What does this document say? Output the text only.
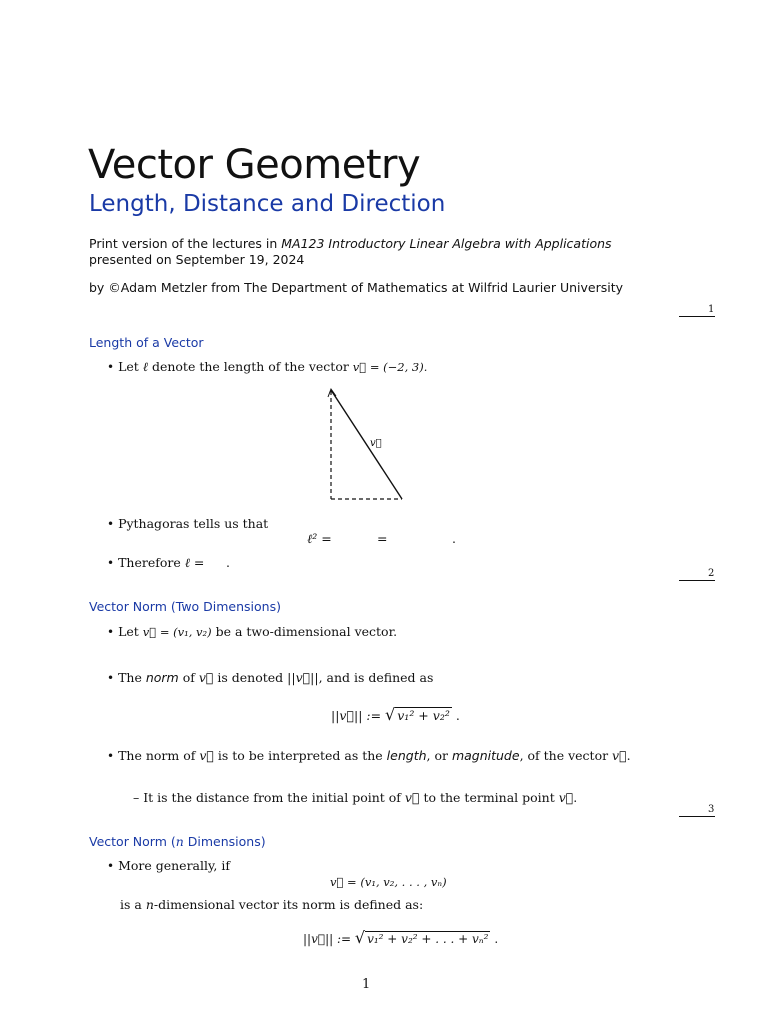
Vector Geometry
Length, Distance and Direction
Print version of the lectures in MA123 Introductory Linear Algebra with Applications
presented on September 19, 2024
by ©Adam Metzler from The Department of Mathematics at Wilfrid Laurier University
1
Length of a Vector
• Let ℓ denote the length of the vector v⃗ = (−2, 3).
v⃗
• Pythagoras tells us that
ℓ² =	=	.
• Therefore ℓ = .
2
Vector Norm (Two Dimensions)
• Let v⃗ = (v₁, v₂) be a two-dimensional vector.
• The norm of v⃗ is denoted ||v⃗||, and is defined as
||v⃗|| := √ v₁² + v₂² .
• The norm of v⃗ is to be interpreted as the length, or magnitude, of the vector v⃗.
– It is the distance from the initial point of v⃗ to the terminal point v⃗.
3
Vector Norm (n Dimensions)
• More generally, if
v⃗ = (v₁, v₂, . . . , vₙ)
is a n-dimensional vector its norm is defined as:
||v⃗|| := √ v₁² + v₂² + . . . + vₙ² .
1
